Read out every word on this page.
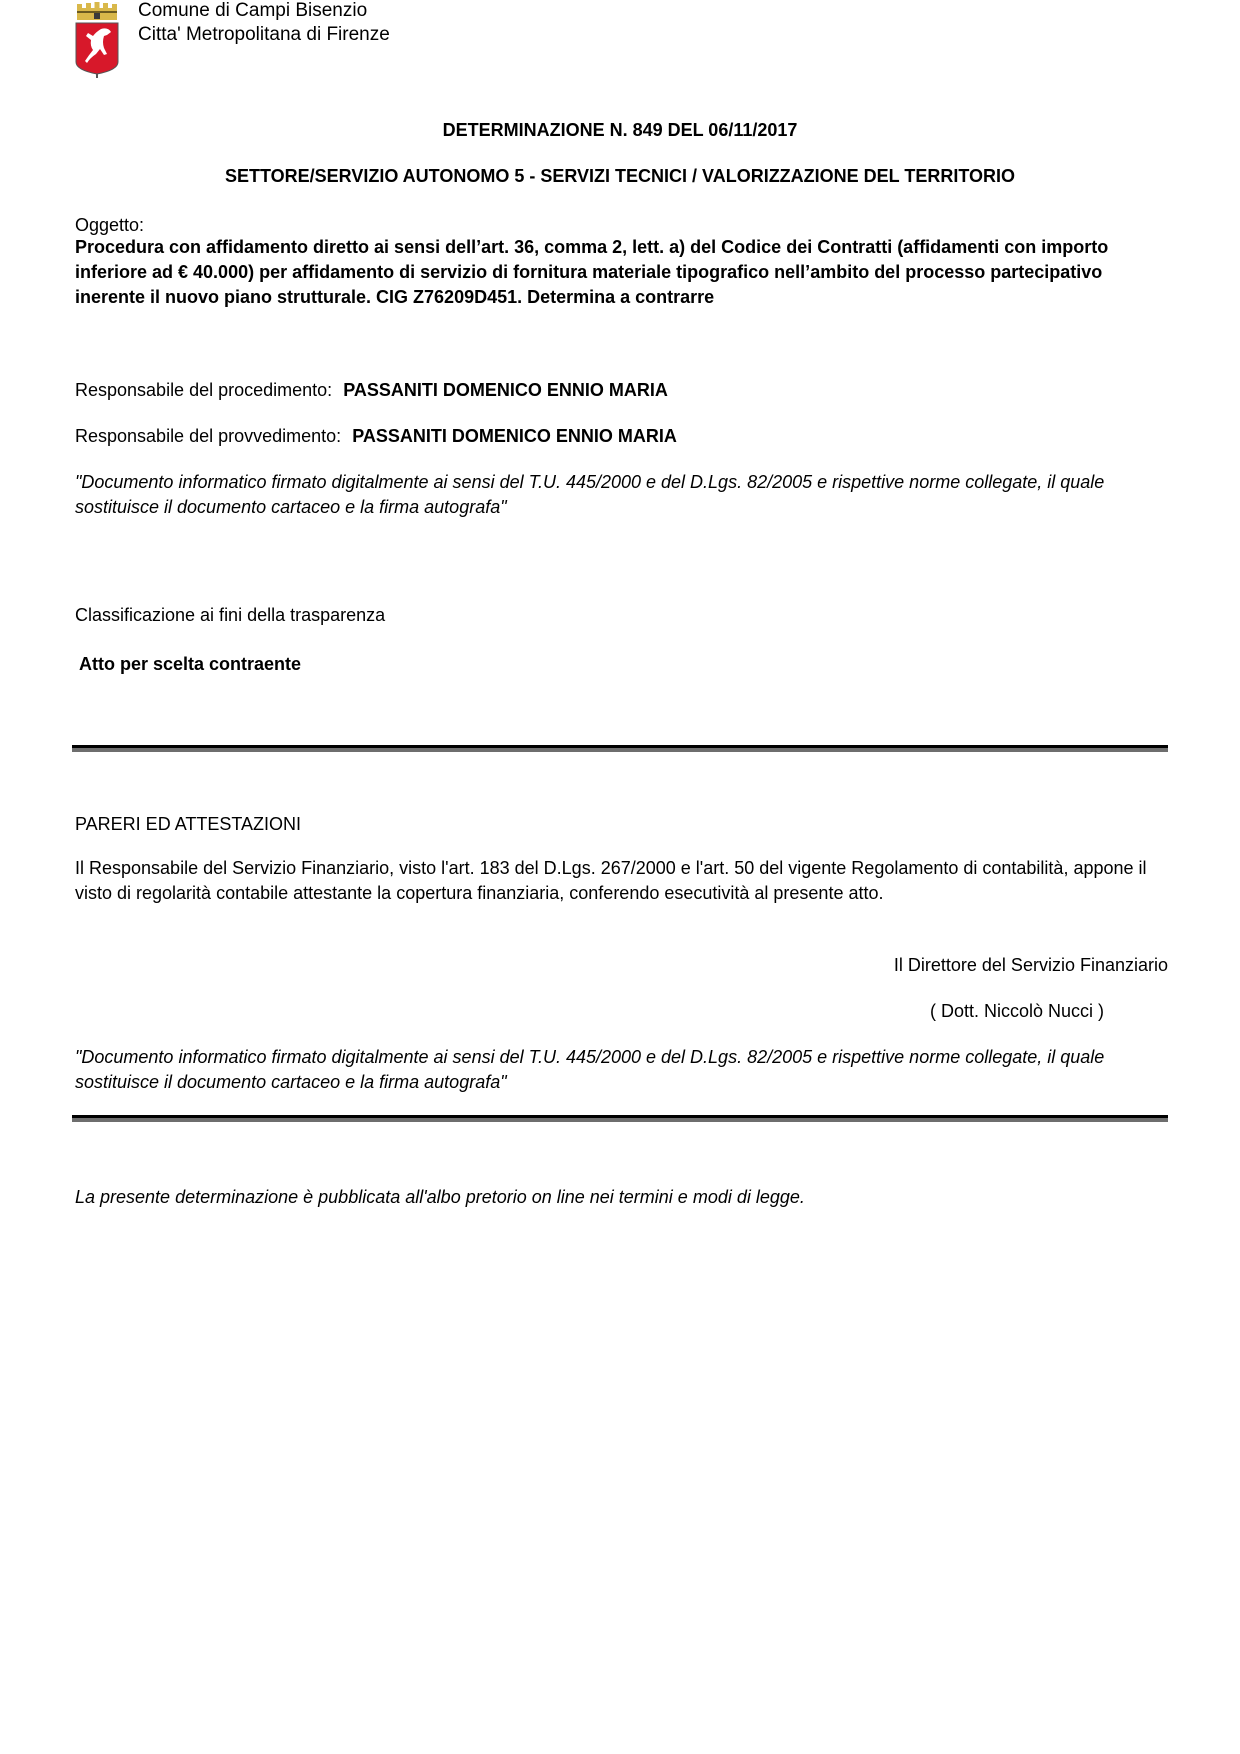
Comune di Campi Bisenzio
Citta' Metropolitana di Firenze
DETERMINAZIONE N. 849 DEL 06/11/2017
SETTORE/SERVIZIO AUTONOMO 5 - SERVIZI TECNICI / VALORIZZAZIONE DEL TERRITORIO
Oggetto:
Procedura con affidamento diretto ai sensi dell’art. 36, comma 2, lett. a) del Codice dei Contratti (affidamenti con importo inferiore ad € 40.000) per affidamento di servizio di fornitura materiale tipografico nell’ambito del processo partecipativo inerente il nuovo piano strutturale. CIG Z76209D451. Determina a contrarre
Responsabile del procedimento: PASSANITI DOMENICO ENNIO MARIA
Responsabile del provvedimento: PASSANITI DOMENICO ENNIO MARIA
"Documento informatico firmato digitalmente ai sensi del T.U. 445/2000 e del D.Lgs. 82/2005 e rispettive norme collegate, il quale sostituisce il documento cartaceo e la firma autografa"
Classificazione ai fini della trasparenza
Atto per scelta contraente
PARERI ED ATTESTAZIONI
Il Responsabile del Servizio Finanziario, visto l'art. 183 del D.Lgs. 267/2000 e l'art. 50 del vigente Regolamento di contabilità, appone il visto di regolarità contabile attestante la copertura finanziaria, conferendo esecutività al presente atto.
Il Direttore del Servizio Finanziario
( Dott. Niccolò Nucci )
"Documento informatico firmato digitalmente ai sensi del T.U. 445/2000 e del D.Lgs. 82/2005 e rispettive norme collegate, il quale sostituisce il documento cartaceo e la firma autografa"
La presente determinazione è pubblicata all'albo pretorio on line nei termini e modi di legge.
